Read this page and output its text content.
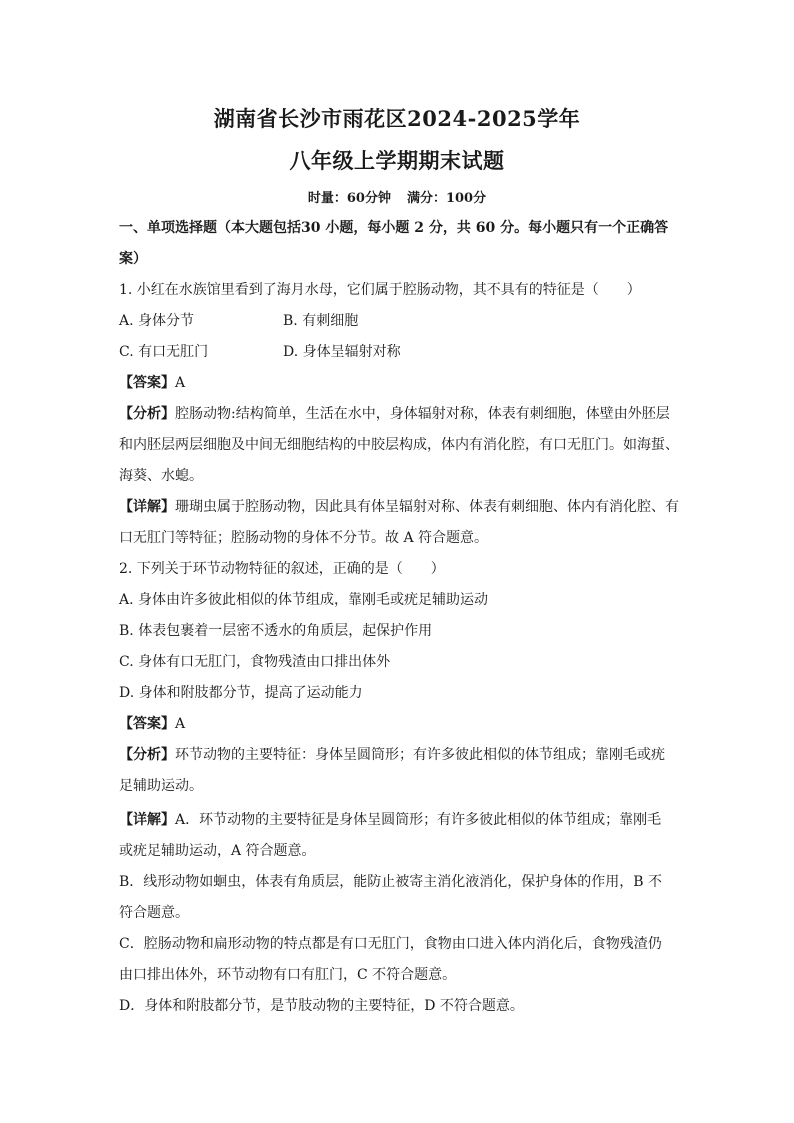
湖南省长沙市雨花区2024-2025学年
八年级上学期期末试题
时量：60分钟 满分：100分
一、单项选择题（本大题包括30 小题，每小题 2 分，共 60 分。每小题只有一个正确答
案）
1. 小红在水族馆里看到了海月水母，它们属于腔肠动物，其不具有的特征是（　　）
A. 身体分节	B. 有刺细胞
C. 有口无肛门	D. 身体呈辐射对称
【答案】A
【分析】腔肠动物:结构简单，生活在水中，身体辐射对称，体表有刺细胞，体壁由外胚层
和内胚层两层细胞及中间无细胞结构的中胶层构成，体内有消化腔，有口无肛门。如海蜇、
海葵、水螅。
【详解】珊瑚虫属于腔肠动物，因此具有体呈辐射对称、体表有刺细胞、体内有消化腔、有
口无肛门等特征；腔肠动物的身体不分节。故 A 符合题意。
2. 下列关于环节动物特征的叙述，正确的是（　　）
A. 身体由许多彼此相似的体节组成，靠刚毛或疣足辅助运动
B. 体表包裹着一层密不透水的角质层，起保护作用
C. 身体有口无肛门，食物残渣由口排出体外
D. 身体和附肢都分节，提高了运动能力
【答案】A
【分析】环节动物的主要特征：身体呈圆筒形；有许多彼此相似的体节组成；靠刚毛或疣
足辅助运动。
【详解】A．环节动物的主要特征是身体呈圆筒形；有许多彼此相似的体节组成；靠刚毛
或疣足辅助运动，A 符合题意。
B．线形动物如蛔虫，体表有角质层，能防止被寄主消化液消化，保护身体的作用，B 不
符合题意。
C．腔肠动物和扁形动物的特点都是有口无肛门，食物由口进入体内消化后，食物残渣仍
由口排出体外，环节动物有口有肛门，C 不符合题意。
D．身体和附肢都分节，是节肢动物的主要特征，D 不符合题意。
